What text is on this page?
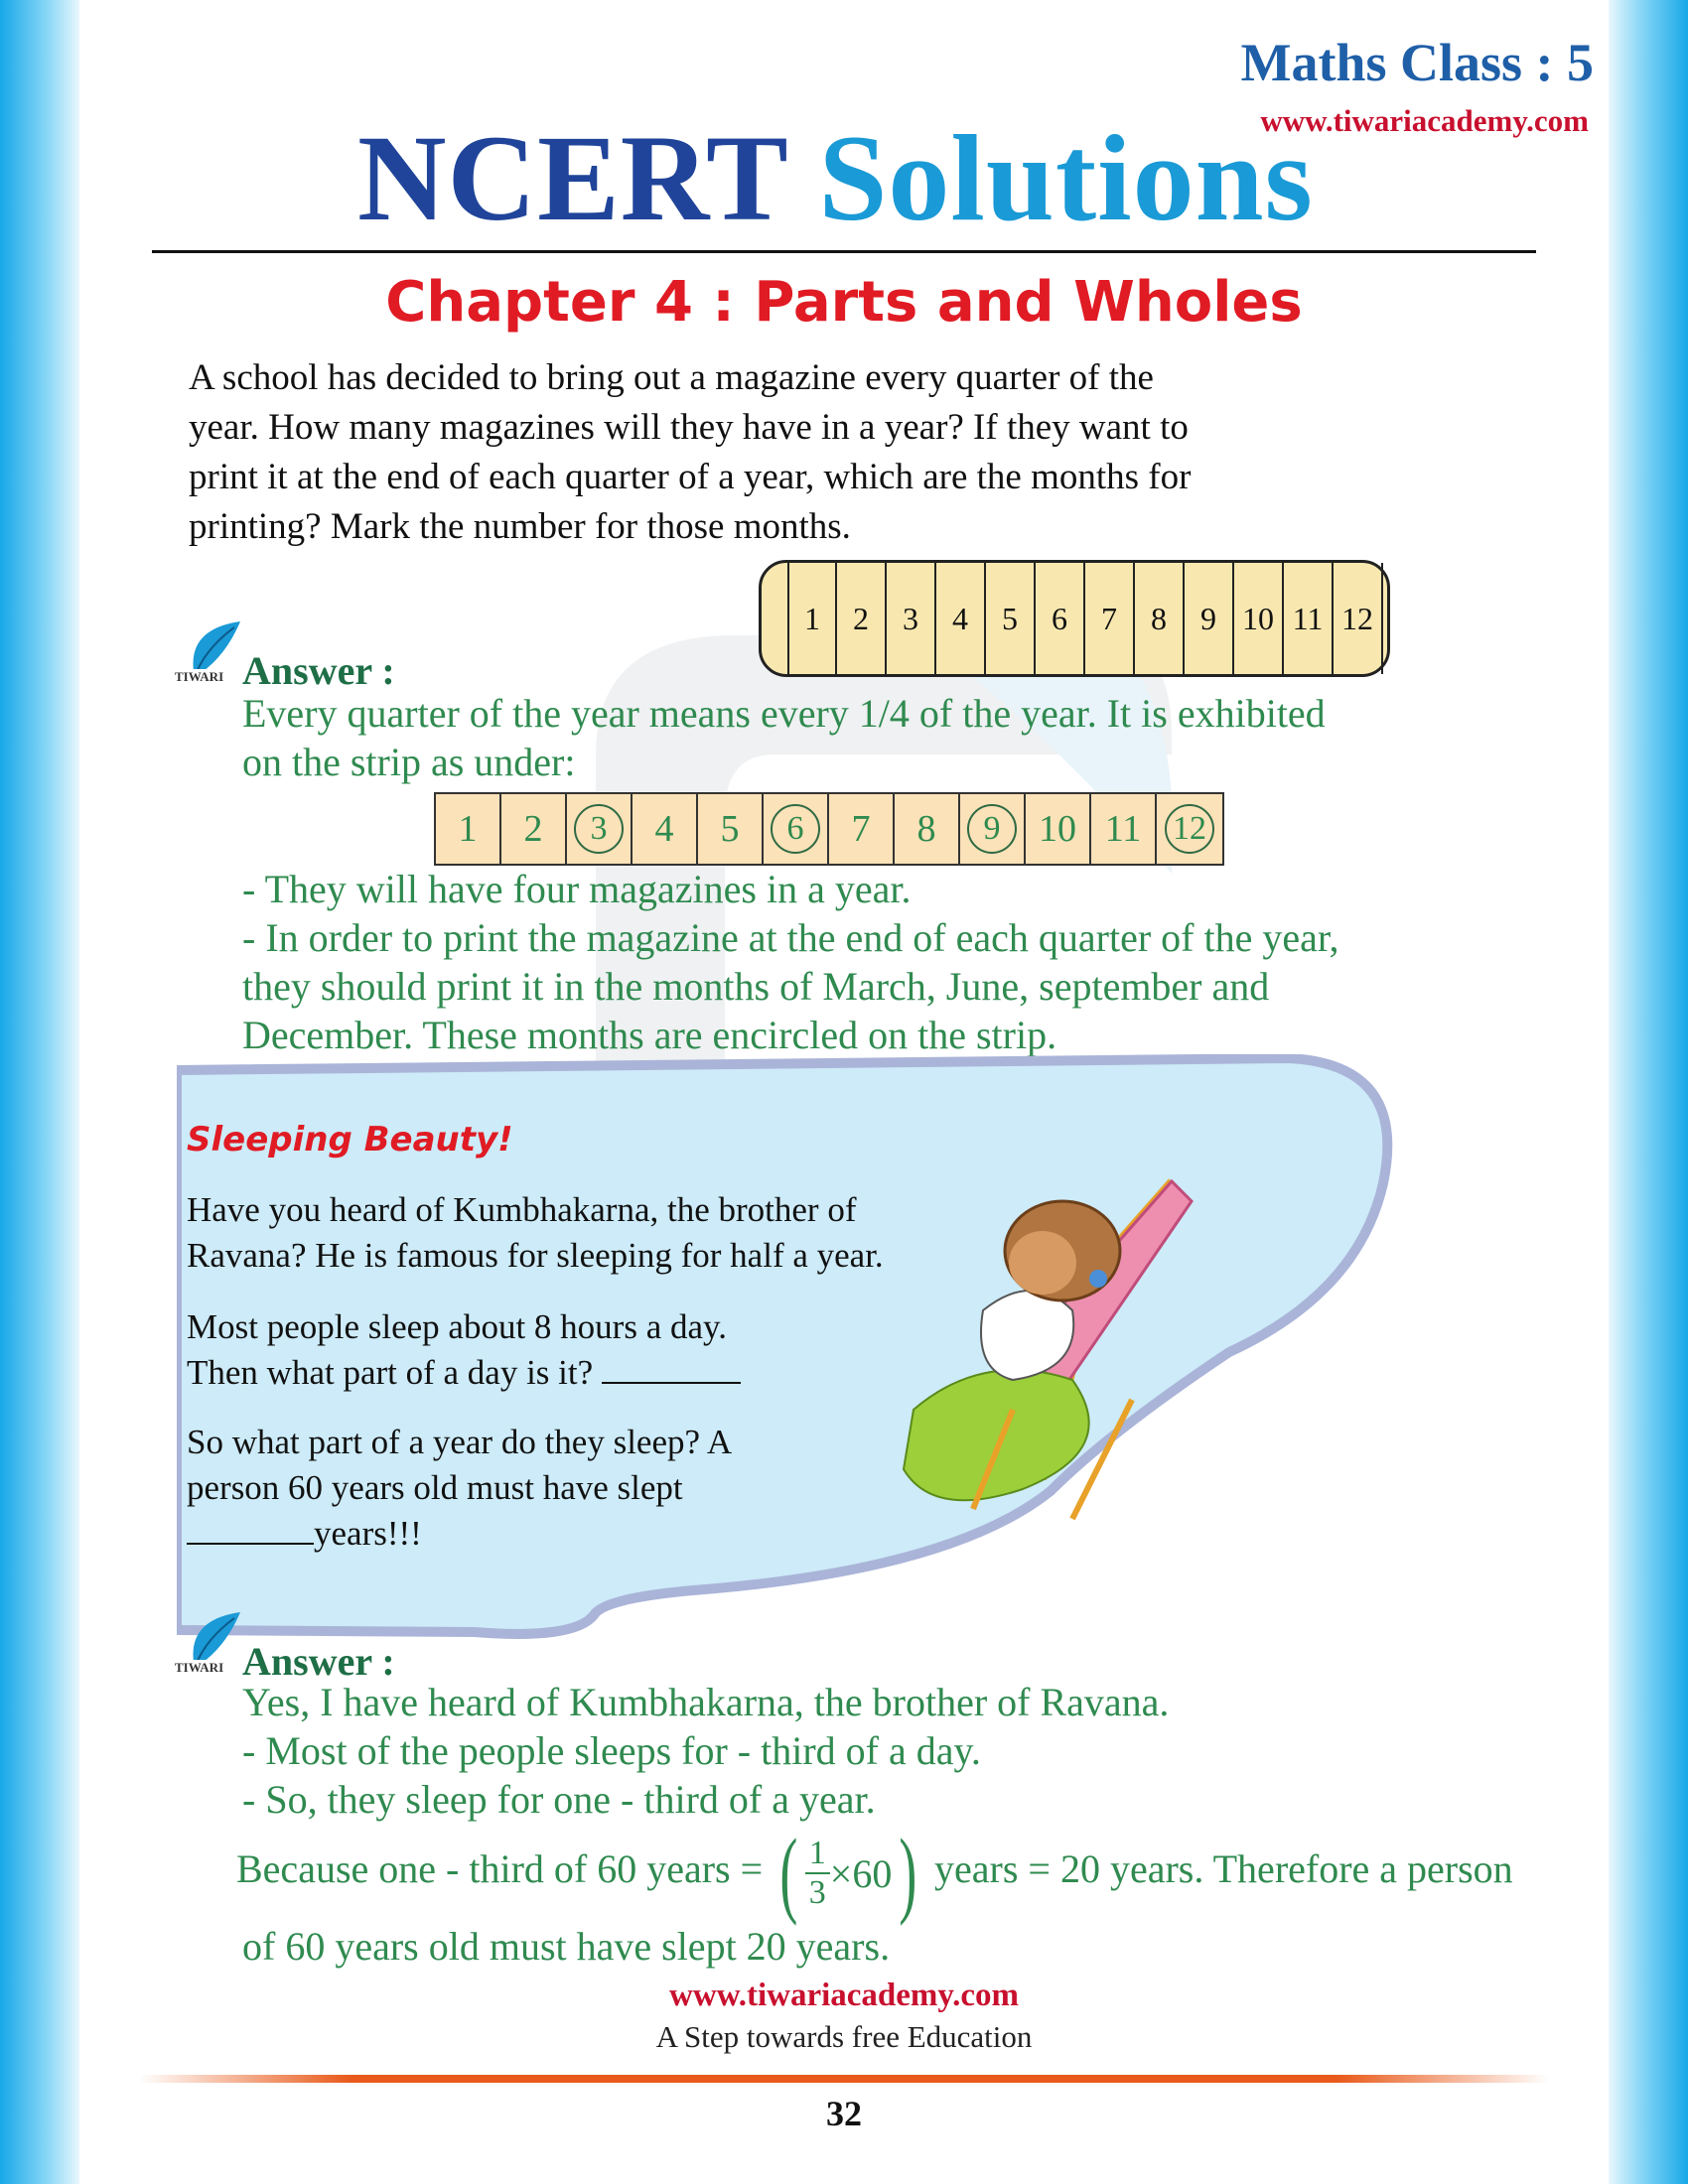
Maths Class : 5
www.tiwariacademy.com
NCERT Solutions
Chapter 4 : Parts and Wholes
A school has decided to bring out a magazine every quarter of the
year. How many magazines will they have in a year? If they want to
print it at the end of each quarter of a year, which are the months for
printing? Mark the number for those months.
1	2	3	4	5	6	7	8	9 10 11 12
TIWARI Answer :
Every quarter of the year means every 1/4 of the year. It is exhibited
on the strip as under:
1 2	3	4 5	6	7 8	9	10 11 12
- They will have four magazines in a year.
- In order to print the magazine at the end of each quarter of the year,
they should print it in the months of March, June, september and
December. These months are encircled on the strip.
Sleeping Beauty!
Have you heard of Kumbhakarna, the brother of
Ravana? He is famous for sleeping for half a year.
Most people sleep about 8 hours a day.
Then what part of a day is it?
So what part of a year do they sleep? A
person 60 years old must have slept
years!!!
TIWARI Answer :
Yes, I have heard of Kumbhakarna, the brother of Ravana.
- Most of the people sleeps for - third of a day.
- So, they sleep for one - third of a year.
Because one - third of 60 years = ( $\frac{1}{3} \times 60$ ) years = 20 years. Therefore a person
of 60 years old must have slept 20 years.
www.tiwariacademy.com
A Step towards free Education
32
